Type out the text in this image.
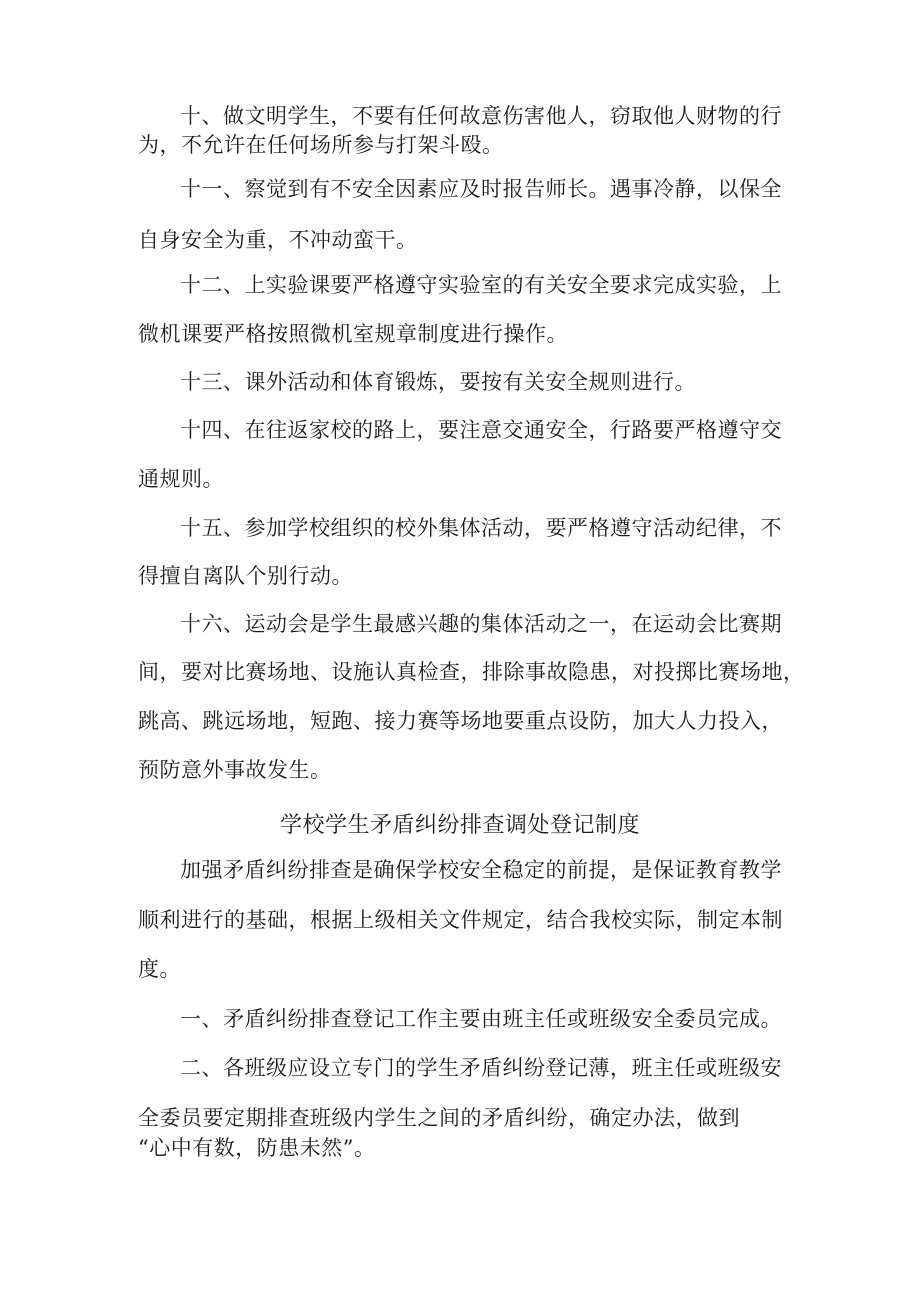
十、做文明学生，不要有任何故意伤害他人，窃取他人财物的行
为，不允许在任何场所参与打架斗殴。
十一、察觉到有不安全因素应及时报告师长。遇事冷静，以保全
自身安全为重，不冲动蛮干。
十二、上实验课要严格遵守实验室的有关安全要求完成实验，上
微机课要严格按照微机室规章制度进行操作。
十三、课外活动和体育锻炼，要按有关安全规则进行。
十四、在往返家校的路上，要注意交通安全，行路要严格遵守交
通规则。
十五、参加学校组织的校外集体活动，要严格遵守活动纪律，不
得擅自离队个别行动。
十六、运动会是学生最感兴趣的集体活动之一，在运动会比赛期
间，要对比赛场地、设施认真检查，排除事故隐患，对投掷比赛场地，
跳高、跳远场地，短跑、接力赛等场地要重点设防，加大人力投入，
预防意外事故发生。
学校学生矛盾纠纷排查调处登记制度
加强矛盾纠纷排查是确保学校安全稳定的前提，是保证教育教学
顺利进行的基础，根据上级相关文件规定，结合我校实际，制定本制
度。
一、矛盾纠纷排查登记工作主要由班主任或班级安全委员完成。
二、各班级应设立专门的学生矛盾纠纷登记薄，班主任或班级安
全委员要定期排查班级内学生之间的矛盾纠纷，确定办法，做到
“心中有数，防患未然”。
